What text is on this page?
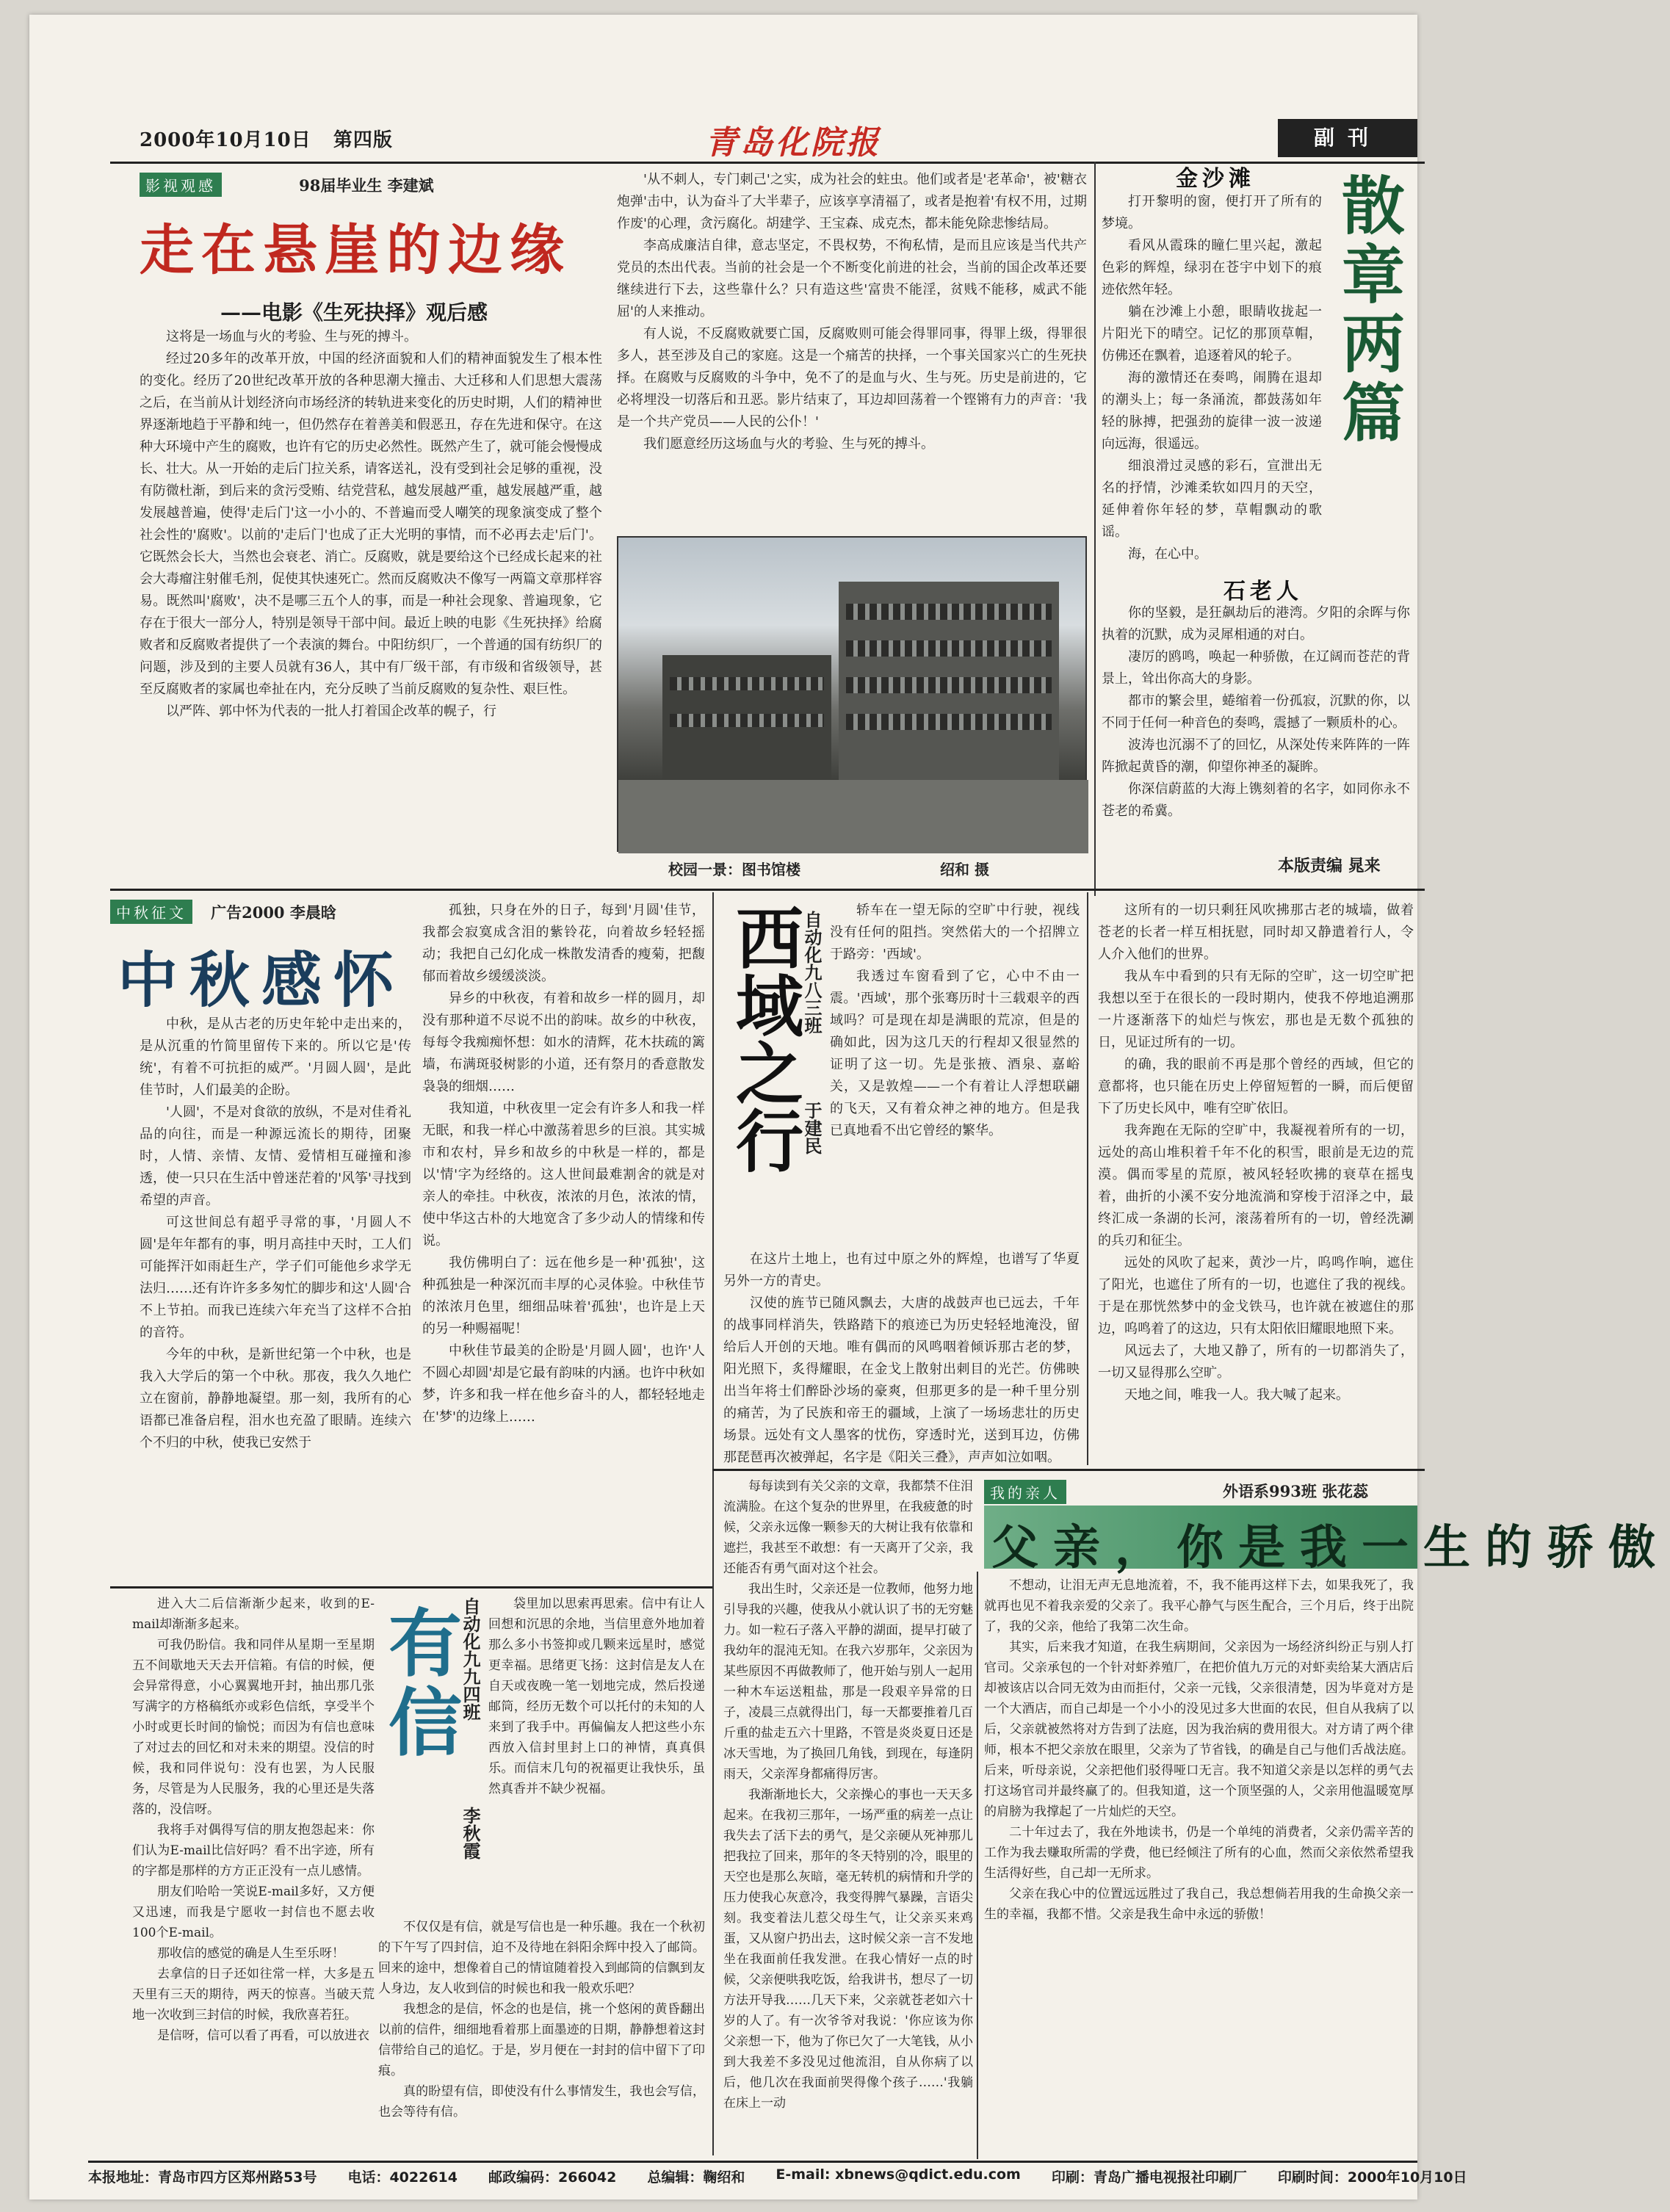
2000年10月10日 第四版	青岛化院报	副刊
影视观感	98届毕业生 李建斌
走在悬崖的边缘
——电影《生死抉择》观后感

这将是一场血与火的考验、生与死的搏斗。

经过20多年的改革开放，中国的经济面貌和人们的精神面貌发生了根本性的变化。经历了20世纪改革开放的各种思潮大撞击、大迁移和人们思想大震荡之后，在当前从计划经济向市场经济的转轨进来变化的历史时期，人们的精神世界逐渐地趋于平静和纯一，但仍然存在着善美和假恶丑，存在先进和保守。在这种大环境中产生的腐败，也许有它的历史必然性。既然产生了，就可能会慢慢成长、壮大。从一开始的走后门拉关系，请客送礼，没有受到社会足够的重视，没有防微杜渐，到后来的贪污受贿、结党营私，越发展越严重，越发展越严重，越发展越普遍，使得'走后门'这一小小的、不普遍而受人嘲笑的现象演变成了整个社会性的'腐败'。以前的'走后门'也成了正大光明的事情，而不必再去走'后门'。它既然会长大，当然也会衰老、消亡。反腐败，就是要给这个已经成长起来的社会大毒瘤注射催毛剂，促使其快速死亡。然而反腐败决不像写一两篇文章那样容易。既然叫'腐败'，决不是哪三五个人的事，而是一种社会现象、普遍现象，它存在于很大一部分人，特别是领导干部中间。最近上映的电影《生死抉择》给腐败者和反腐败者提供了一个表演的舞台。中阳纺织厂，一个普通的国有纺织厂的问题，涉及到的主要人员就有36人，其中有厂级干部，有市级和省级领导，甚至反腐败者的家属也牵扯在内，充分反映了当前反腐败的复杂性、艰巨性。

以严阵、郭中怀为代表的一批人打着国企改革的幌子，行

'从不刺人，专门刺己'之实，成为社会的蛀虫。他们或者是'老革命'，被'糖衣炮弹'击中，认为奋斗了大半辈子，应该享享清福了，或者是抱着'有权不用，过期作废'的心理，贪污腐化。胡建学、王宝森、成克杰，都未能免除悲惨结局。

李高成廉洁自律，意志坚定，不畏权势，不徇私情，是而且应该是当代共产党员的杰出代表。当前的社会是一个不断变化前进的社会，当前的国企改革还要继续进行下去，这些靠什么？只有造这些'富贵不能淫，贫贱不能移，威武不能屈'的人来推动。

有人说，不反腐败就要亡国，反腐败则可能会得罪同事，得罪上级，得罪很多人，甚至涉及自己的家庭。这是一个痛苦的抉择，一个事关国家兴亡的生死抉择。在腐败与反腐败的斗争中，免不了的是血与火、生与死。历史是前进的，它必将埋没一切落后和丑恶。影片结束了，耳边却回荡着一个铿锵有力的声音：'我是一个共产党员——人民的公仆！'

我们愿意经历这场血与火的考验、生与死的搏斗。

校园一景：图书馆楼	绍和 摄
金沙滩	散章两篇

打开黎明的窗，便打开了所有的梦境。

看风从霞珠的瞳仁里兴起，激起色彩的辉煌，绿羽在苍宇中划下的痕迹依然年轻。

躺在沙滩上小憩，眼睛收拢起一片阳光下的晴空。记忆的那顶草帽，仿佛还在飘着，追逐着风的轮子。

海的激情还在奏鸣，闹腾在退却的潮头上；每一条涌流，都鼓荡如年轻的脉搏，把强劲的旋律一波一波递向远海，很遥远。

细浪滑过灵感的彩石，宣泄出无名的抒情，沙滩柔软如四月的天空，延伸着你年轻的梦，草帽飘动的歌谣。

海，在心中。

石老人

你的坚毅，是狂飙劫后的港湾。夕阳的余晖与你执着的沉默，成为灵犀相通的对白。

凄厉的鸥鸣，唤起一种骄傲，在辽阔而苍茫的背景上，耸出你高大的身影。

都市的繁会里，蜷缩着一份孤寂，沉默的你，以不同于任何一种音色的奏鸣，震撼了一颗质朴的心。

波涛也沉溺不了的回忆，从深处传来阵阵的一阵阵掀起黄昏的潮，仰望你神圣的凝眸。

你深信蔚蓝的大海上镌刻着的名字，如同你永不苍老的希冀。

本版责编 晁来
中秋征文 广告2000 李晨晗
中秋感怀

中秋，是从古老的历史年轮中走出来的，是从沉重的竹简里留传下来的。所以它是'传统'，有着不可抗拒的威严。'月圆人圆'，是此佳节时，人们最美的企盼。

'人圆'，不是对食欲的放纵，不是对佳肴礼品的向往，而是一种源远流长的期待，团聚时，人情、亲情、友情、爱情相互碰撞和渗透，使一只只在生活中曾迷茫着的'风筝'寻找到希望的声音。

可这世间总有超乎寻常的事，'月圆人不圆'是年年都有的事，明月高挂中天时，工人们可能挥汗如雨赶生产，学子们可能他乡求学无法归……还有许许多多匆忙的脚步和这'人圆'合不上节拍。而我已连续六年充当了这样不合拍的音符。

今年的中秋，是新世纪第一个中秋，也是我入大学后的第一个中秋。那夜，我久久地伫立在窗前，静静地凝望。那一刻，我所有的心语都已准备启程，泪水也充盈了眼睛。连续六个不归的中秋，使我已安然于

孤独，只身在外的日子，每到'月圆'佳节，我都会寂寞成含泪的紫铃花，向着故乡轻轻摇动；我把自己幻化成一株散发清香的瘦菊，把馥郁而着故乡缓缓淡淡。

异乡的中秋夜，有着和故乡一样的圆月，却没有那种道不尽说不出的韵味。故乡的中秋夜，每每令我痴痴怀想：如水的清辉，花木扶疏的篱墙，布满斑驳树影的小道，还有祭月的香意散发袅袅的细烟……

我知道，中秋夜里一定会有许多人和我一样无眠，和我一样心中激荡着思乡的巨浪。其实城市和农村，异乡和故乡的中秋是一样的，都是以'情'字为经络的。这人世间最难割舍的就是对亲人的牵挂。中秋夜，浓浓的月色，浓浓的情，使中华这古朴的大地宽含了多少动人的情缘和传说。

我仿佛明白了：远在他乡是一种'孤独'，这种孤独是一种深沉而丰厚的心灵体验。中秋佳节的浓浓月色里，细细品味着'孤独'，也许是上天的另一种赐福呢！

中秋佳节最美的企盼是'月圆人圆'，也许'人不圆心却圆'却是它最有韵味的内涵。也许中秋如梦，许多和我一样在他乡奋斗的人，都轻轻地走在'梦'的边缘上……

西域之行
自动化九八三班
于建民

轿车在一望无际的空旷中行驶，视线没有任何的阻挡。突然偌大的一个招牌立于路旁：'西域'。

我透过车窗看到了它，心中不由一震。'西域'，那个张骞历时十三载艰辛的西域吗？可是现在却是满眼的荒凉，但是的确如此，因为这几天的行程却又很显然的证明了这一切。先是张掖、酒泉、嘉峪关，又是敦煌——一个有着让人浮想联翩的飞天，又有着众神之神的地方。但是我已真地看不出它曾经的繁华。

在这片土地上，也有过中原之外的辉煌，也谱写了华夏另外一方的青史。

汉使的旌节已随风飘去，大唐的战鼓声也已远去，千年的战事同样消失，铁路踏下的痕迹已为历史轻轻地淹没，留给后人开创的天地。唯有偶而的风鸣咽着倾诉那古老的梦，阳光照下，炙得耀眼，在金戈上散射出刺目的光芒。仿佛映出当年将士们醉卧沙场的豪爽，但那更多的是一种千里分别的痛苦，为了民族和帝王的疆域，上演了一场场悲壮的历史场景。远处有文人墨客的忧伤，穿透时光，送到耳边，仿佛那琵琶再次被弹起，名字是《阳关三叠》，声声如泣如咽。

这所有的一切只剩狂风吹拂那古老的城墙，做着苍老的长者一样互相抚慰，同时却又静遣着行人，令人介入他们的世界。

我从车中看到的只有无际的空旷，这一切空旷把我想以至于在很长的一段时期内，使我不停地追溯那一片逐渐落下的灿烂与恢宏，那也是无数个孤独的日，见证过所有的一切。

的确，我的眼前不再是那个曾经的西域，但它的意都将，也只能在历史上停留短暂的一瞬，而后便留下了历史长风中，唯有空旷依旧。

我奔跑在无际的空旷中，我凝视着所有的一切，远处的高山堆积着千年不化的积雪，眼前是无边的荒漠。偶而零星的荒原，被风轻轻吹拂的衰草在摇曳着，曲折的小溪不安分地流淌和穿梭于沼泽之中，最终汇成一条湖的长河，滚荡着所有的一切，曾经洗涮的兵刃和征尘。

远处的风吹了起来，黄沙一片，呜鸣作响，遮住了阳光，也遮住了所有的一切，也遮住了我的视线。于是在那恍然梦中的金戈铁马，也许就在被遮住的那边，呜鸣着了的这边，只有太阳依旧耀眼地照下来。

风远去了，大地又静了，所有的一切都消失了，一切又显得那么空旷。

天地之间，唯我一人。我大喊了起来。

进入大二后信渐渐少起来，收到的E-mail却渐渐多起来。

可我仍盼信。我和同伴从星期一至星期五不间歇地天天去开信箱。有信的时候，便会异常得意，小心翼翼地开封，抽出那几张写满字的方格稿纸亦或彩色信纸，享受半个小时或更长时间的愉悦；而因为有信也意味了对过去的回忆和对未来的期望。没信的时候，我和同伴说句：没有也罢，为人民服务，尽管是为人民服务，我的心里还是失落落的，没信呀。

我将手对偶得写信的朋友抱怨起来：你们认为E-mail比信好吗？看不出字迹，所有的字都是那样的方方正正没有一点儿感情。

朋友们哈哈一笑说E-mail多好，又方便又迅速，而我是宁愿收一封信也不愿去收100个E-mail。

那收信的感觉的确是人生至乐呀！

去拿信的日子还如往常一样，大多是五天里有三天的期待，两天的惊喜。当破天荒地一次收到三封信的时候，我欣喜若狂。

是信呀，信可以看了再看，可以放进衣

有信
自动化九九四班
李秋霞

袋里加以思索再思索。信中有让人回想和沉思的余地，当信里意外地加着那么多小书签抑或几颗来远星时，感觉更幸福。思绪更飞扬：这封信是友人在自天或夜晚一笔一划地完成，然后投递邮筒，经历无数个可以托付的未知的人来到了我手中。再偏偏友人把这些小东西放入信封里封上口的神情，真真俱乐。而信末几句的祝福更让我快乐，虽然真香并不缺少祝福。

不仅仅是有信，就是写信也是一种乐趣。我在一个秋初的下午写了四封信，迫不及待地在斜阳余辉中投入了邮筒。回来的途中，想像着自己的情谊随着投入到邮筒的信飘到友人身边，友人收到信的时候也和我一般欢乐吧？

我想念的是信，怀念的也是信，挑一个悠闲的黄昏翻出以前的信件，细细地看着那上面墨迹的日期，静静想着这封信带给自己的追忆。于是，岁月便在一封封的信中留下了印痕。

真的盼望有信，即使没有什么事情发生，我也会写信，也会等待有信。

我的亲人	外语系993班 张花蕊
父亲，你是我一生的骄傲

每每读到有关父亲的文章，我都禁不住泪流满脸。在这个复杂的世界里，在我疲惫的时候，父亲永远像一颗参天的大树让我有依靠和遮拦，我甚至不敢想：有一天离开了父亲，我还能否有勇气面对这个社会。

我出生时，父亲还是一位教师，他努力地引导我的兴趣，使我从小就认识了书的无穷魅力。如一粒石子落入平静的湖面，提早打破了我幼年的混沌无知。在我六岁那年，父亲因为某些原因不再做教师了，他开始与别人一起用一种木车运送粗盐，那是一段艰辛异常的日子，凌晨三点就得出门，每一天都要推着几百斤重的盐走五六十里路，不管是炎炎夏日还是冰天雪地，为了换回几角钱，到现在，每逢阴雨天，父亲浑身都痛得厉害。

我渐渐地长大，父亲操心的事也一天天多起来。在我初三那年，一场严重的病差一点让我失去了活下去的勇气，是父亲硬从死神那儿把我拉了回来，那年的冬天特别的冷，眼里的天空也是那么灰暗，毫无转机的病情和升学的压力使我心灰意冷，我变得脾气暴躁，言语尖刻。我变着法儿惹父母生气，让父亲买来鸡蛋，又从窗户扔出去，这时候父亲一言不发地坐在我面前任我发泄。在我心情好一点的时候，父亲便哄我吃饭，给我讲书，想尽了一切方法开导我……几天下来，父亲就苍老如六十岁的人了。有一次爷爷对我说：'你应该为你父亲想一下，他为了你已欠了一大笔钱，从小到大我差不多没见过他流泪，自从你病了以后，他几次在我面前哭得像个孩子……'我躺在床上一动

不想动，让泪无声无息地流着，不，我不能再这样下去，如果我死了，我就再也见不着我亲爱的父亲了。我平心静气与医生配合，三个月后，终于出院了，我的父亲，他给了我第二次生命。

其实，后来我才知道，在我生病期间，父亲因为一场经济纠纷正与别人打官司。父亲承包的一个针对虾养殖厂，在把价值九万元的对虾卖给某大酒店后却被该店以合同无效为由而拒付，父亲一元钱，父亲很清楚，因为毕竟对方是一个大酒店，而自己却是一个小小的没见过多大世面的农民，但自从我病了以后，父亲就被然将对方告到了法庭，因为我治病的费用很大。对方请了两个律师，根本不把父亲放在眼里，父亲为了节省钱，的确是自己与他们舌战法庭。后来，听母亲说，父亲把他们驳得哑口无言。我不知道父亲是以怎样的勇气去打这场官司并最终赢了的。但我知道，这一个顶坚强的人，父亲用他温暖宽厚的肩膀为我撑起了一片灿烂的天空。

二十年过去了，我在外地读书，仍是一个单纯的消费者，父亲仍需辛苦的工作为我去赚取所需的学费，他已经倾注了所有的心血，然而父亲依然希望我生活得好些，自己却一无所求。

父亲在我心中的位置远远胜过了我自己，我总想倘若用我的生命换父亲一生的幸福，我都不惜。父亲是我生命中永远的骄傲！

本报地址：青岛市四方区郑州路53号 电话：4022614 邮政编码：266042 总编辑：鞠绍和 E-mail: xbnews@qdict.edu.com 印刷：青岛广播电视报社印刷厂 印刷时间：2000年10月10日
